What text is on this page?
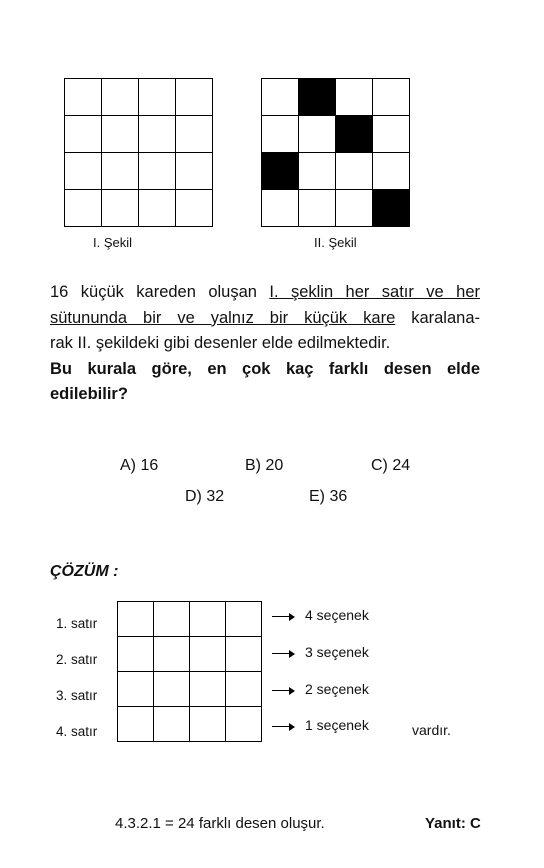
I. Şekil

				II. Şekil
16 küçük kareden oluşan I. şeklin her satır ve her
sütununda bir ve yalnız bir küçük kare karalana-
rak II. şekildeki gibi desenler elde edilmektedir.
Bu kurala göre, en çok kaç farklı desen elde
edilebilir?
A) 16	B) 20	C) 24
D) 32	E) 36
ÇÖZÜM :
1. satır
2. satır
3. satır
4. satır

4 seçenek
3 seçenek
2 seçenek
1 seçenek	vardır.
4.3.2.1 = 24 farklı desen oluşur.	Yanıt: C
